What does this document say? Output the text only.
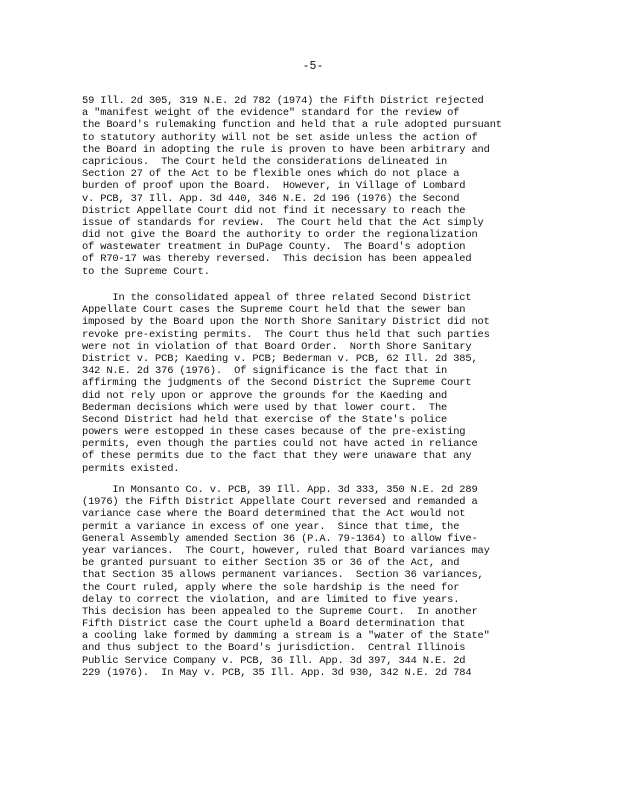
-5-
59 Ill. 2d 305, 319 N.E. 2d 782 (1974) the Fifth District rejected
a "manifest weight of the evidence" standard for the review of
the Board's rulemaking function and held that a rule adopted pursuant
to statutory authority will not be set aside unless the action of
the Board in adopting the rule is proven to have been arbitrary and
capricious.  The Court held the considerations delineated in
Section 27 of the Act to be flexible ones which do not place a
burden of proof upon the Board.  However, in Village of Lombard
v. PCB, 37 Ill. App. 3d 440, 346 N.E. 2d 196 (1976) the Second
District Appellate Court did not find it necessary to reach the
issue of standards for review.  The Court held that the Act simply
did not give the Board the authority to order the regionalization
of wastewater treatment in DuPage County.  The Board's adoption
of R70-17 was thereby reversed.  This decision has been appealed
to the Supreme Court.
In the consolidated appeal of three related Second District
Appellate Court cases the Supreme Court held that the sewer ban
imposed by the Board upon the North Shore Sanitary District did not
revoke pre-existing permits.  The Court thus held that such parties
were not in violation of that Board Order.  North Shore Sanitary
District v. PCB; Kaeding v. PCB; Bederman v. PCB, 62 Ill. 2d 385,
342 N.E. 2d 376 (1976).  Of significance is the fact that in
affirming the judgments of the Second District the Supreme Court
did not rely upon or approve the grounds for the Kaeding and
Bederman decisions which were used by that lower court.  The
Second District had held that exercise of the State's police
powers were estopped in these cases because of the pre-existing
permits, even though the parties could not have acted in reliance
of these permits due to the fact that they were unaware that any
permits existed.
In Monsanto Co. v. PCB, 39 Ill. App. 3d 333, 350 N.E. 2d 289
(1976) the Fifth District Appellate Court reversed and remanded a
variance case where the Board determined that the Act would not
permit a variance in excess of one year.  Since that time, the
General Assembly amended Section 36 (P.A. 79-1364) to allow five-
year variances.  The Court, however, ruled that Board variances may
be granted pursuant to either Section 35 or 36 of the Act, and
that Section 35 allows permanent variances.  Section 36 variances,
the Court ruled, apply where the sole hardship is the need for
delay to correct the violation, and are limited to five years.
This decision has been appealed to the Supreme Court.  In another
Fifth District case the Court upheld a Board determination that
a cooling lake formed by damming a stream is a "water of the State"
and thus subject to the Board's jurisdiction.  Central Illinois
Public Service Company v. PCB, 36 Ill. App. 3d 397, 344 N.E. 2d
229 (1976).  In May v. PCB, 35 Ill. App. 3d 930, 342 N.E. 2d 784
